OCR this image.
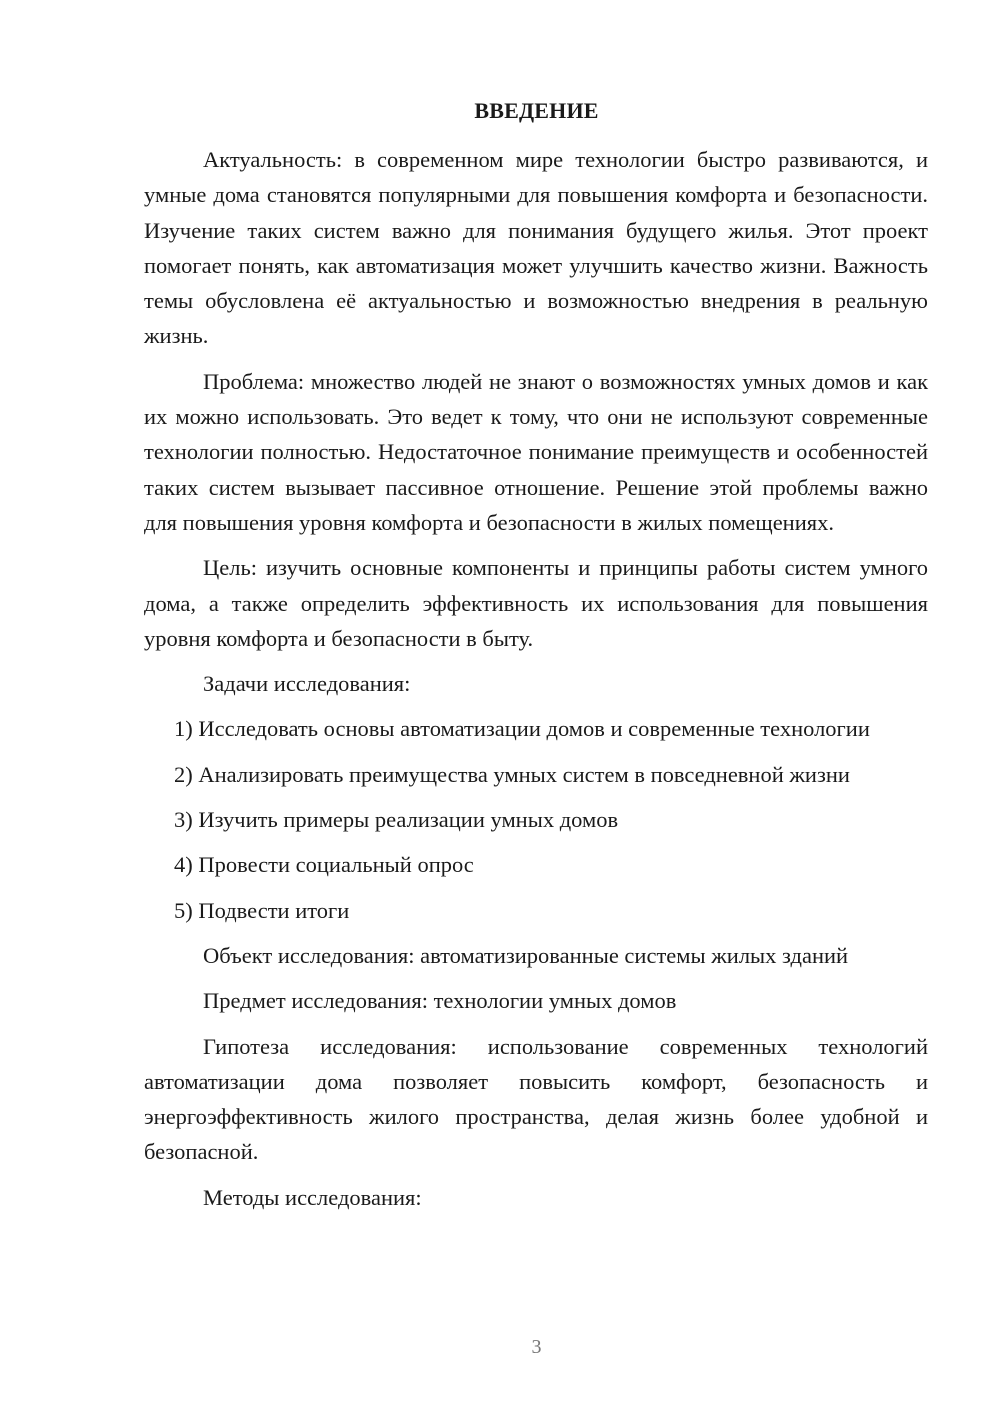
ВВЕДЕНИЕ

Актуальность: в современном мире технологии быстро развиваются, и умные дома становятся популярными для повышения комфорта и безопасности. Изучение таких систем важно для понимания будущего жилья. Этот проект помогает понять, как автоматизация может улучшить качество жизни. Важность темы обусловлена её актуальностью и возможностью внедрения в реальную жизнь.

Проблема: множество людей не знают о возможностях умных домов и как их можно использовать. Это ведет к тому, что они не используют современные технологии полностью. Недостаточное понимание преимуществ и особенностей таких систем вызывает пассивное отношение. Решение этой проблемы важно для повышения уровня комфорта и безопасности в жилых помещениях.

Цель: изучить основные компоненты и принципы работы систем умного дома, а также определить эффективность их использования для повышения уровня комфорта и безопасности в быту.

Задачи исследования:

1) Исследовать основы автоматизации домов и современные технологии

2) Анализировать преимущества умных систем в повседневной жизни

3) Изучить примеры реализации умных домов

4) Провести социальный опрос

5) Подвести итоги

Объект исследования: автоматизированные системы жилых зданий

Предмет исследования: технологии умных домов

Гипотеза исследования: использование современных технологий автоматизации дома позволяет повысить комфорт, безопасность и энергоэффективность жилого пространства, делая жизнь более удобной и безопасной.

Методы исследования:

3
